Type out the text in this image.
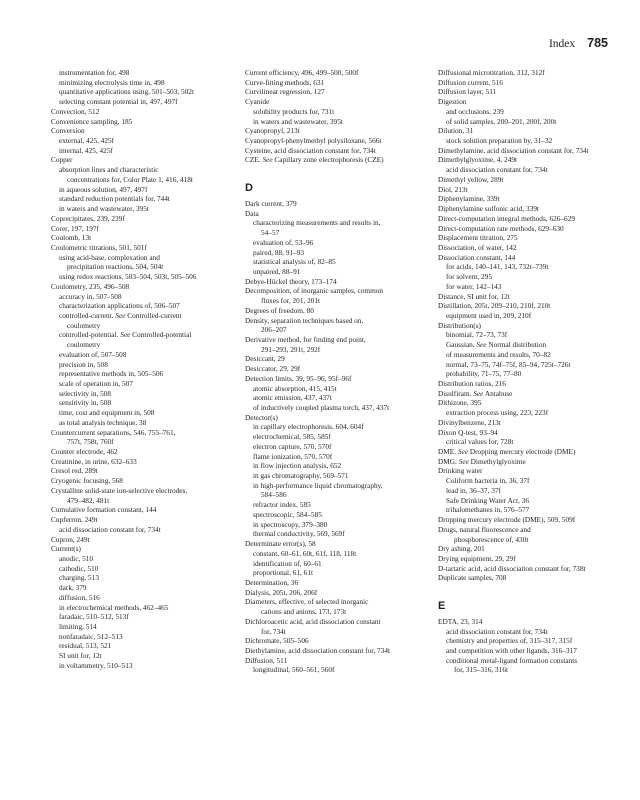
Index 785
instrumentation for, 498
minimizing electrolysis time in, 498
quantitative applications using, 501–503, 502t
selecting constant potential in, 497, 497f
Convection, 512
Convenience sampling, 185
Conversion
external, 425, 425f
internal, 425, 425f
Copper
absorption lines and characteristic
concentrations for, Color Plate 1, 416, 418t
in aqueous solution, 497, 497f
standard reduction potentials for, 744t
in waters and wastewater, 395t
Coprecipitates, 239, 239f
Corer, 197, 197f
Coulomb, 13t
Coulometric titrations, 501, 501f
using acid-base, complexation and
precipitation reactions, 504, 504t
using redox reactions, 503–504, 503t, 505–506
Coulometry, 235, 496–508
accuracy in, 507–508
characterization applications of, 506–507
controlled-current. See Controlled-current
coulometry
controlled-potential. See Controlled-potential
coulometry
evaluation of, 507–508
precision in, 508
representative methods in, 505–506
scale of operation in, 507
selectivity in, 508
sensitivity in, 508
time, cost and equipment in, 508
as total analysis technique, 38
Countercurrent separations, 546, 755–761,
757t, 758t, 760f
Counter electrode, 462
Creatinine, in urine, 632–633
Cresol red, 289t
Cryogenic focusing, 568
Crystalline solid-state ion-selective electrodes,
479–482, 481t
Cumulative formation constant, 144
Cupferron, 249t
acid dissociation constant for, 734t
Cupron, 249t
Current(s)
anodic, 510
cathodic, 510
charging, 513
dark, 379
diffusion, 516
in electrochemical methods, 462–465
faradaic, 510–512, 513f
limiting, 514
nonfaradaic, 512–513
residual, 513, 521
SI unit for, 12t
in voltammetry, 510–513
Current efficiency, 496, 499–500, 500f
Curve-fitting methods, 631
Curvilinear regression, 127
Cyanide
solubility products for, 731t
in waters and wastewater, 395t
Cyanopropyl, 213t
Cyanopropyl-phenylmethyl polysiloxane, 566t
Cysteine, acid dissociation constant for, 734t
CZE. See Capillary zone electrophoresis (CZE)
D
Dark current, 379
Data
characterizing measurements and results in,
54–57
evaluation of, 53–96
paired, 88, 91–93
statistical analysis of, 82–85
unpaired, 88–91
Debye-Hückel theory, 173–174
Decomposition, of inorganic samples, common
fluxes for, 201, 201t
Degrees of freedom, 80
Density, separation techniques based on,
206–207
Derivative method, for finding end point,
291–293, 291t, 292f
Desiccant, 29
Desiccator, 29, 29f
Detection limits, 39, 95–96, 95f–96f
atomic absorption, 415, 415t
atomic emission, 437, 437t
of inductively coupled plasma torch, 437, 437t
Detector(s)
in capillary electrophoresis, 604, 604f
electrochemical, 585, 585f
electron capture, 570, 570f
flame ionization, 570, 570f
in flow injection analysis, 652
in gas chromatography, 569–571
in high-performance liquid chromatography,
584–586
refractor index, 585
spectroscopic, 584–585
in spectroscopy, 379–380
thermal conductivity, 569, 569f
Determinate error(s), 58
constant, 60–61, 60t, 61f, 118, 118t
identification of, 60–61
proportional, 61, 61t
Determination, 36
Dialysis, 205t, 206, 206f
Diameters, effective, of selected inorganic
cations and anions, 173, 173t
Dichloroacetic acid, acid dissociation constant
for, 734t
Dichromate, 505–506
Diethylamine, acid dissociation constant for, 734t
Diffusion, 511
longitudinal, 560–561, 560f
Diffusional microtitration, 312, 312f
Diffusion current, 516
Diffusion layer, 511
Digestion
and occlusions, 239
of solid samples, 200–201, 200f, 200t
Dilution, 31
stock solution preparation by, 31–32
Dimethylamine, acid dissociation constant for, 734t
Dimethylglyoxime, 4, 249t
acid dissociation constant for, 734t
Dimethyl yellow, 289t
Diol, 213t
Diphenylamine, 339t
Diphenylamine sulfonic acid, 339t
Direct-computation integral methods, 626–629
Direct-computation rate methods, 629–630
Displacement titration, 275
Dissociation, of water, 142
Dissociation constant, 144
for acids, 140–141, 143, 732t–739t
for solvent, 295
for water, 142–143
Distance, SI unit for, 12t
Distillation, 205t, 209–210, 210f, 210t
equipment used in, 209, 210f
Distribution(s)
binomial, 72–73, 73f
Gaussian. See Normal distribution
of measurements and results, 70–82
normal, 73–75, 74f–75f, 85–94, 725t–726t
probability, 71–75, 77–80
Distribution ratios, 216
Disulfiram. See Antabuse
Dithizone, 395
extraction process using, 223, 223f
Divinylbenzene, 213t
Dixon Q-test, 93–94
critical values for, 728t
DME. See Dropping mercury electrode (DME)
DMG. See Dimethylglyoxime
Drinking water
Coliform bacteria in, 36, 37f
lead in, 36–37, 37f
Safe Drinking Water Act, 36
trihalomethanes in, 576–577
Dropping mercury electrode (DME), 509, 509f
Drugs, natural fluorescence and
phosphorescence of, 430t
Dry ashing, 201
Drying equipment, 29, 29f
D-tartaric acid, acid dissociation constant for, 738t
Duplicate samples, 708
E
EDTA, 23, 314
acid dissociation constant for, 734t
chemistry and properties of, 315–317, 315f
and competition with other ligands, 316–317
conditional metal-ligand formation constants
for, 315–316, 316t
